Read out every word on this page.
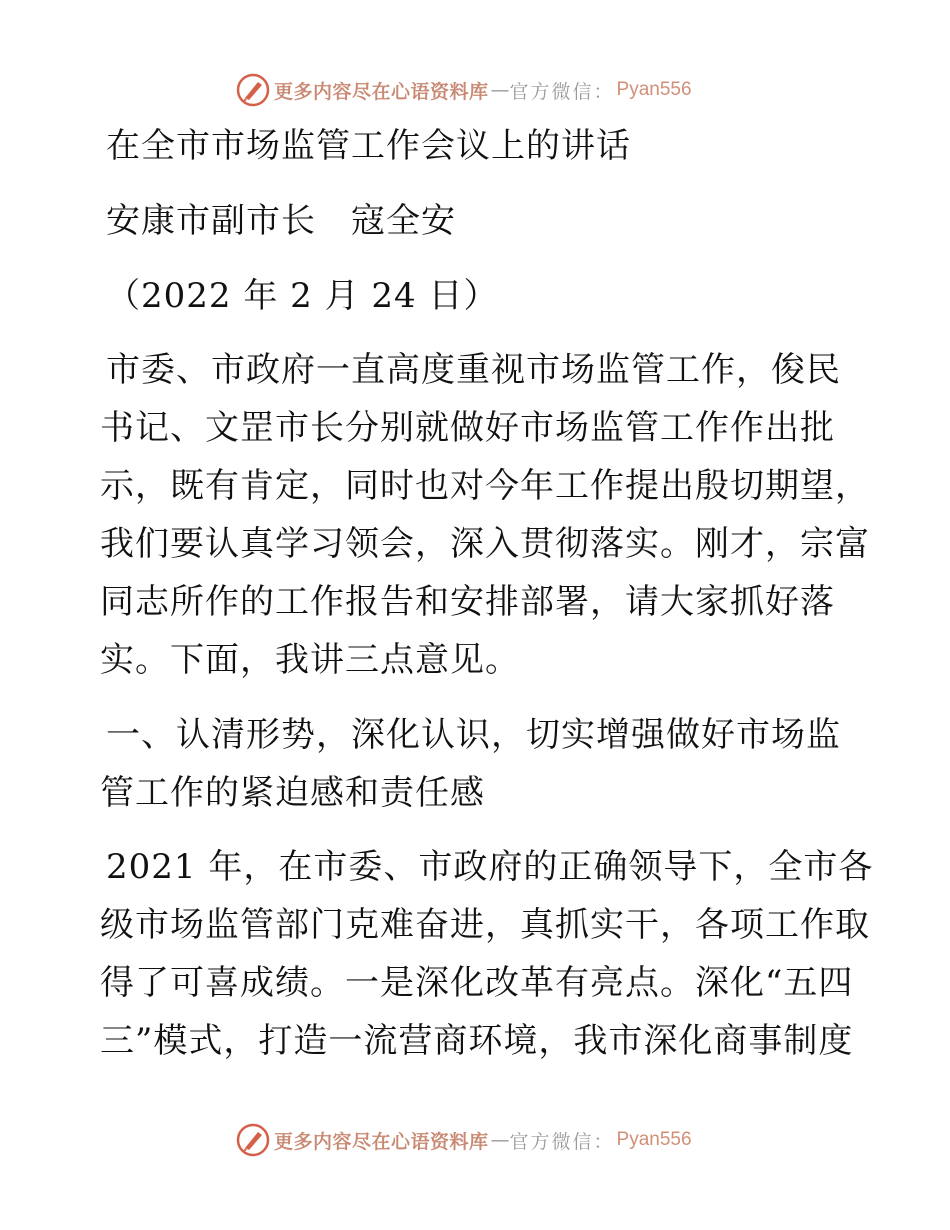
更多内容尽在心语资料库 — 官方微信： Pyan556
在全市市场监管工作会议上的讲话
安康市副市长　寇全安
（2022 年 2 月 24 日）
市委、市政府一直高度重视市场监管工作，俊民
书记、文罡市长分别就做好市场监管工作作出批
示，既有肯定，同时也对今年工作提出殷切期望，
我们要认真学习领会，深入贯彻落实。刚才，宗富
同志所作的工作报告和安排部署，请大家抓好落
实。下面，我讲三点意见。
一、认清形势，深化认识，切实增强做好市场监
管工作的紧迫感和责任感
2021 年，在市委、市政府的正确领导下，全市各
级市场监管部门克难奋进，真抓实干，各项工作取
得了可喜成绩。一是深化改革有亮点。深化“五四
三”模式，打造一流营商环境，我市深化商事制度
更多内容尽在心语资料库 — 官方微信： Pyan556
